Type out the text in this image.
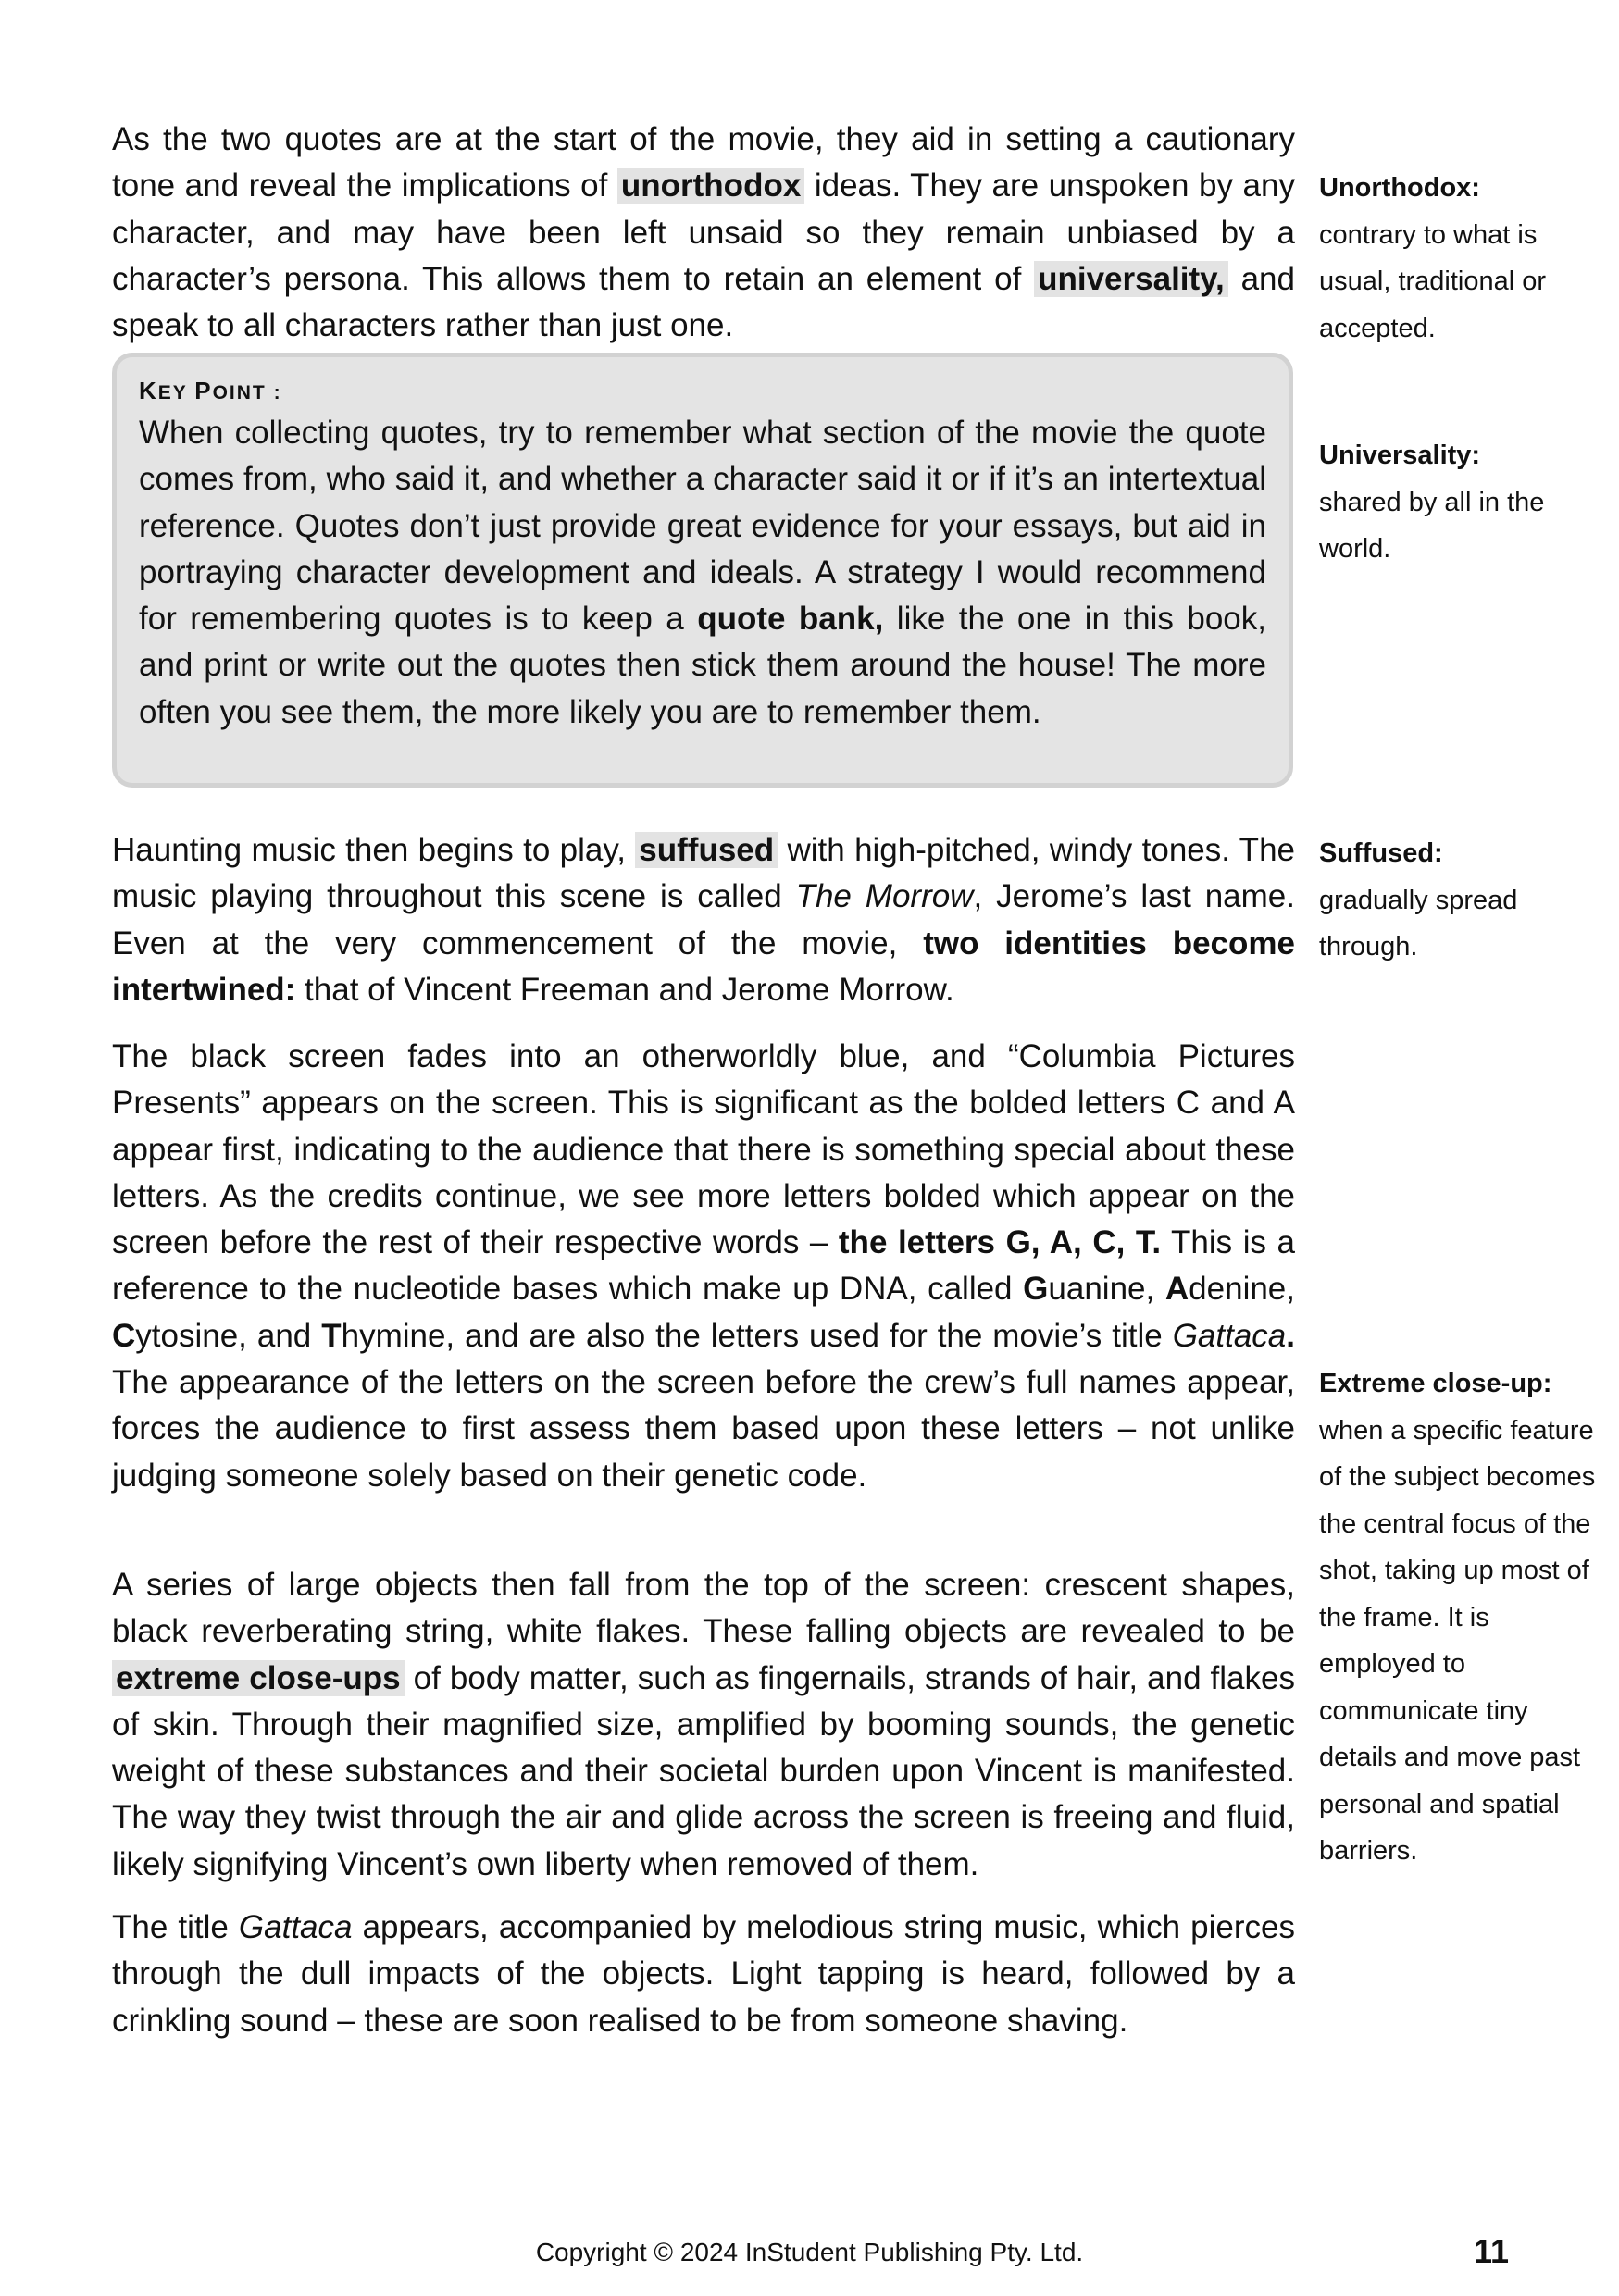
As the two quotes are at the start of the movie, they aid in setting a cautionary tone and reveal the implications of unorthodox ideas. They are unspoken by any character, and may have been left unsaid so they remain unbiased by a character’s persona. This allows them to retain an element of universality, and speak to all characters rather than just one.

KEY POINT :

When collecting quotes, try to remember what section of the movie the quote comes from, who said it, and whether a character said it or if it’s an intertextual reference. Quotes don’t just provide great evidence for your essays, but aid in portraying character development and ideals. A strategy I would recommend for remembering quotes is to keep a quote bank, like the one in this book, and print or write out the quotes then stick them around the house! The more often you see them, the more likely you are to remember them.

Haunting music then begins to play, suffused with high-pitched, windy tones. The music playing throughout this scene is called The Morrow, Jerome’s last name. Even at the very commencement of the movie, two identities become intertwined: that of Vincent Freeman and Jerome Morrow.

The black screen fades into an otherworldly blue, and “Columbia Pictures Presents” appears on the screen. This is significant as the bolded letters C and A appear first, indicating to the audience that there is something special about these letters. As the credits continue, we see more letters bolded which appear on the screen before the rest of their respective words – the letters G, A, C, T. This is a reference to the nucleotide bases which make up DNA, called Guanine, Adenine, Cytosine, and Thymine, and are also the letters used for the movie’s title Gattaca. The appearance of the letters on the screen before the crew’s full names appear, forces the audience to first assess them based upon these letters – not unlike judging someone solely based on their genetic code.

A series of large objects then fall from the top of the screen: crescent shapes, black reverberating string, white flakes. These falling objects are revealed to be extreme close-ups of body matter, such as fingernails, strands of hair, and flakes of skin. Through their magnified size, amplified by booming sounds, the genetic weight of these substances and their societal burden upon Vincent is manifested. The way they twist through the air and glide across the screen is freeing and fluid, likely signifying Vincent’s own liberty when removed of them.

The title Gattaca appears, accompanied by melodious string music, which pierces through the dull impacts of the objects. Light tapping is heard, followed by a crinkling sound – these are soon realised to be from someone shaving.

Unorthodox:
contrary to what is usual, traditional or accepted.

Universality:
shared by all in the world.

Suffused:
gradually spread through.

Extreme close-up:
when a specific feature of the subject becomes the central focus of the shot, taking up most of the frame. It is employed to communicate tiny details and move past personal and spatial barriers.

Copyright © 2024 InStudent Publishing Pty. Ltd.	11
